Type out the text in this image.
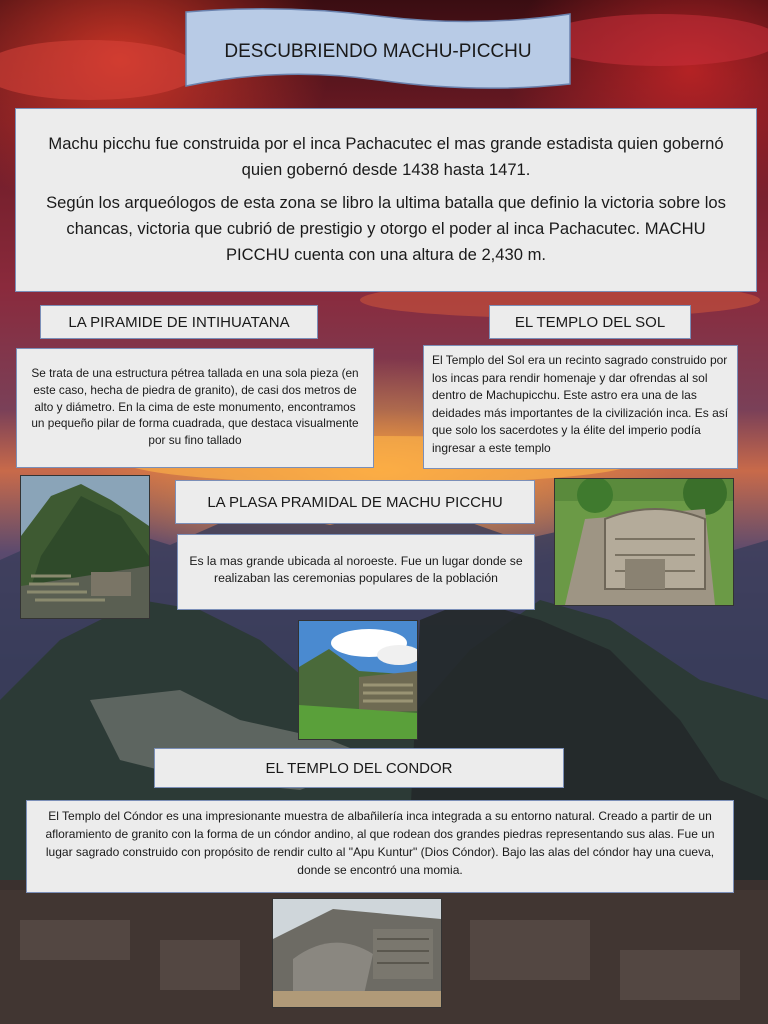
DESCUBRIENDO MACHU-PICCHU
Machu picchu fue construida por el inca Pachacutec el mas grande estadista quien gobernó quien gobernó desde 1438 hasta 1471.
Según los arqueólogos de esta zona se libro la ultima batalla que definio la victoria sobre los chancas, victoria que cubrió de prestigio y otorgo el poder al inca Pachacutec. MACHU PICCHU cuenta con una altura de 2,430 m.
LA PIRAMIDE DE INTIHUATANA
Se trata de una estructura pétrea tallada en una sola pieza (en este caso, hecha de piedra de granito), de casi dos metros de alto y diámetro. En la cima de este monumento, encontramos un pequeño pilar de forma cuadrada, que destaca visualmente por su fino tallado
EL TEMPLO DEL SOL
El Templo del Sol era un recinto sagrado construido por los incas para rendir homenaje y dar ofrendas al sol dentro de Machupicchu. Este astro era una de las deidades más importantes de la civilización inca. Es así que solo los sacerdotes y la élite del imperio podía ingresar a este templo
LA PLASA PRAMIDAL DE MACHU PICCHU
Es la mas grande ubicada al noroeste. Fue un lugar donde se realizaban las ceremonias populares de la población
EL TEMPLO DEL CONDOR
El Templo del Cóndor es una impresionante muestra de albañilería inca integrada a su entorno natural. Creado a partir de un afloramiento de granito con la forma de un cóndor andino, al que rodean dos grandes piedras representando sus alas. Fue un lugar sagrado construido con propósito de rendir culto al "Apu Kuntur" (Dios Cóndor). Bajo las alas del cóndor hay una cueva, donde se encontró una momia.
